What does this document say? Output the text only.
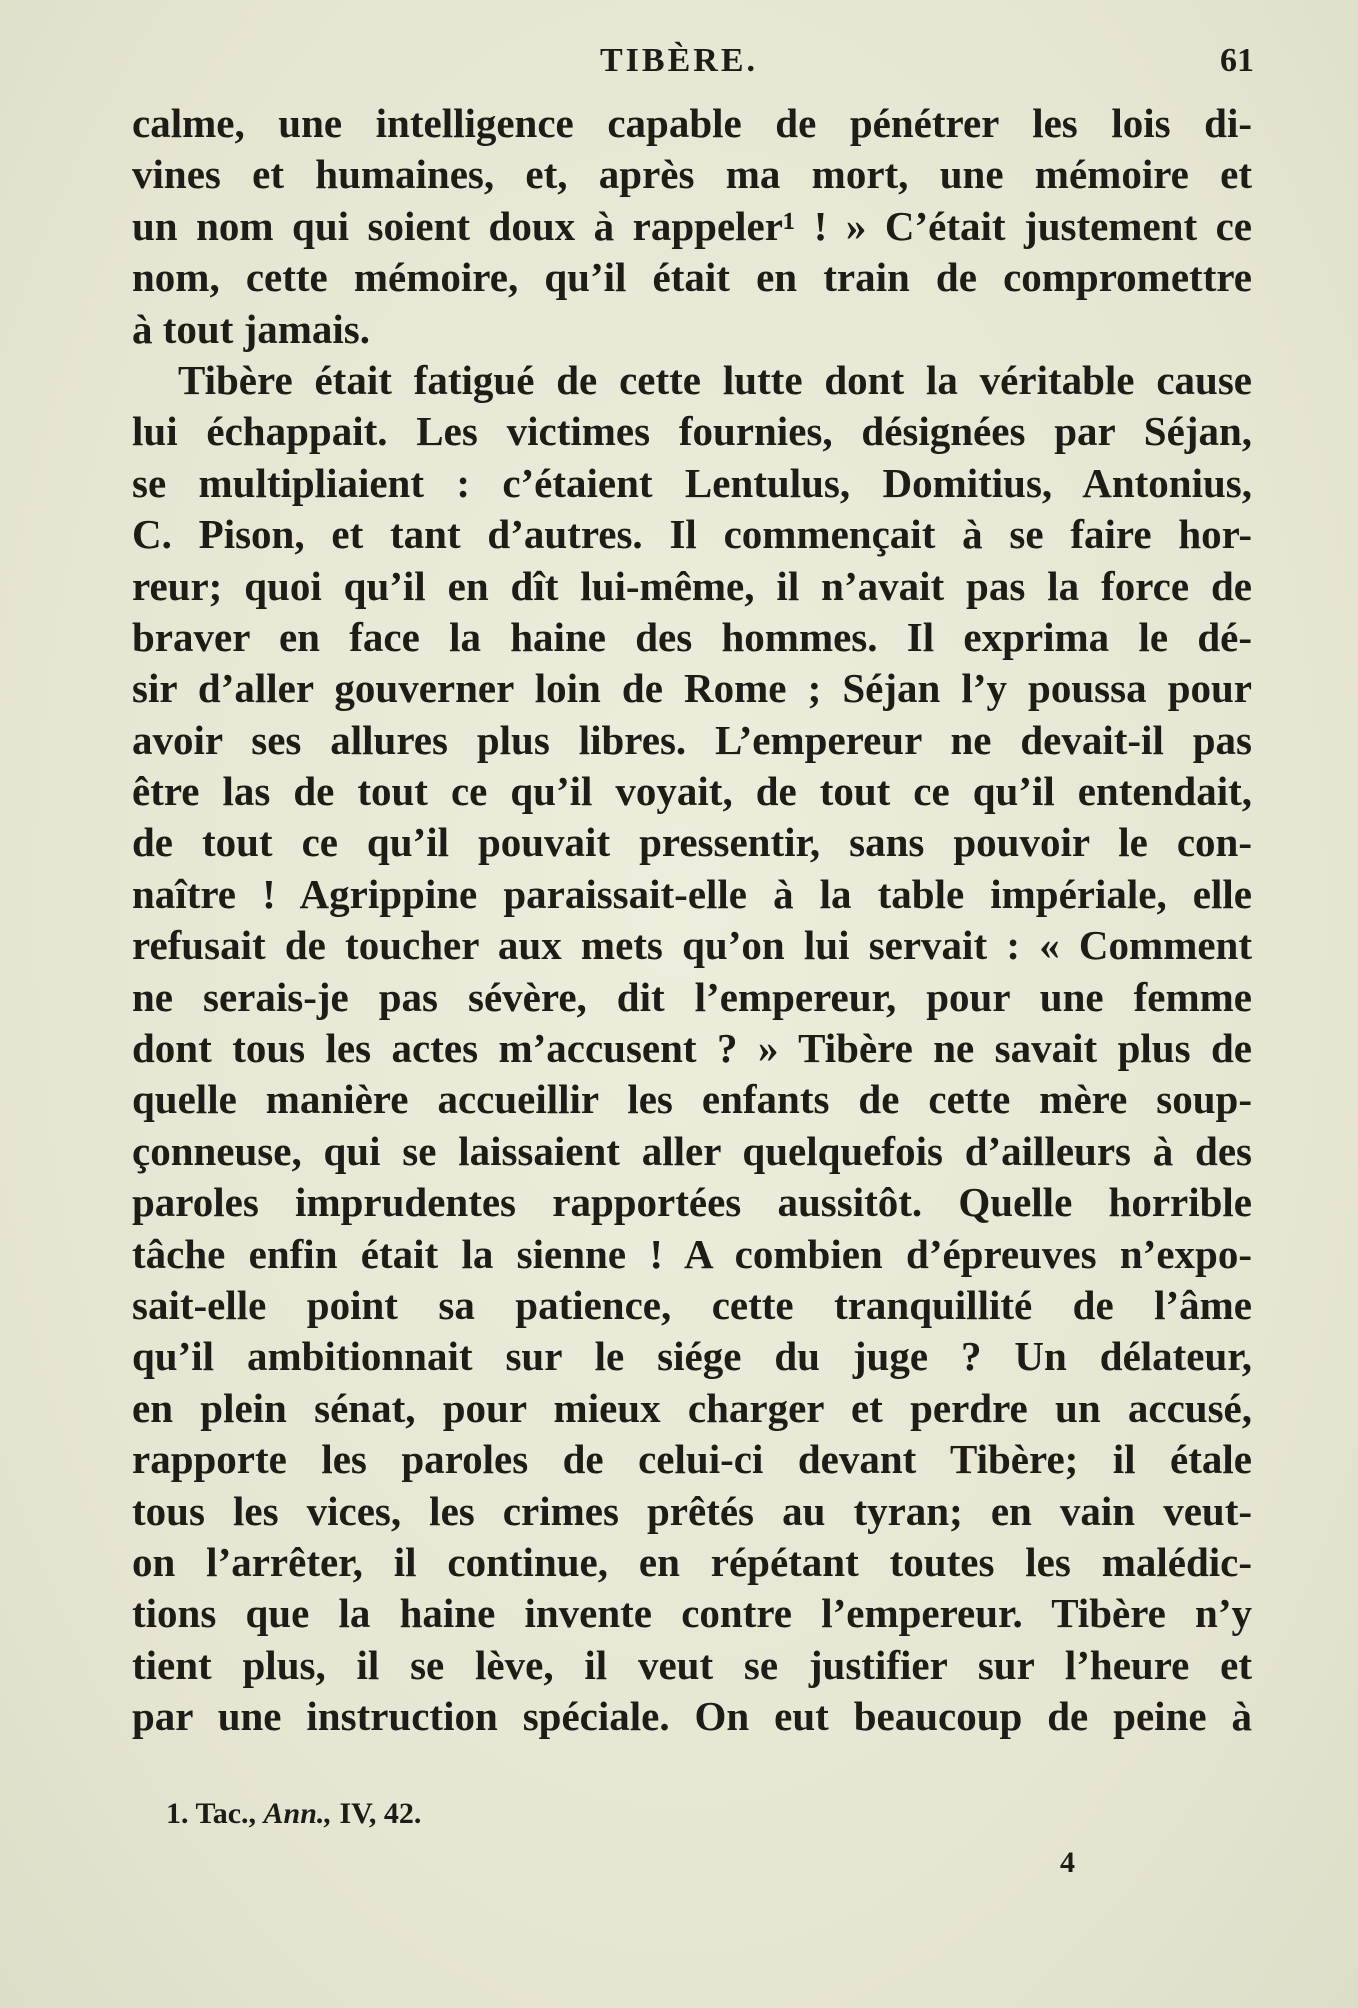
TIBÈRE.	61
calme, une intelligence capable de pénétrer les lois di-
vines et humaines, et, après ma mort, une mémoire et
un nom qui soient doux à rappeler¹ ! » C’était justement ce
nom, cette mémoire, qu’il était en train de compromettre
à tout jamais.
Tibère était fatigué de cette lutte dont la véritable cause
lui échappait. Les victimes fournies, désignées par Séjan,
se multipliaient : c’étaient Lentulus, Domitius, Antonius,
C. Pison, et tant d’autres. Il commençait à se faire hor-
reur; quoi qu’il en dît lui-même, il n’avait pas la force de
braver en face la haine des hommes. Il exprima le dé-
sir d’aller gouverner loin de Rome ; Séjan l’y poussa pour
avoir ses allures plus libres. L’empereur ne devait-il pas
être las de tout ce qu’il voyait, de tout ce qu’il entendait,
de tout ce qu’il pouvait pressentir, sans pouvoir le con-
naître ! Agrippine paraissait-elle à la table impériale, elle
refusait de toucher aux mets qu’on lui servait : « Comment
ne serais-je pas sévère, dit l’empereur, pour une femme
dont tous les actes m’accusent ? » Tibère ne savait plus de
quelle manière accueillir les enfants de cette mère soup-
çonneuse, qui se laissaient aller quelquefois d’ailleurs à des
paroles imprudentes rapportées aussitôt. Quelle horrible
tâche enfin était la sienne ! A combien d’épreuves n’expo-
sait-elle point sa patience, cette tranquillité de l’âme
qu’il ambitionnait sur le siége du juge ? Un délateur,
en plein sénat, pour mieux charger et perdre un accusé,
rapporte les paroles de celui-ci devant Tibère; il étale
tous les vices, les crimes prêtés au tyran; en vain veut-
on l’arrêter, il continue, en répétant toutes les malédic-
tions que la haine invente contre l’empereur. Tibère n’y
tient plus, il se lève, il veut se justifier sur l’heure et
par une instruction spéciale. On eut beaucoup de peine à
1. Tac., Ann., IV, 42.
4
